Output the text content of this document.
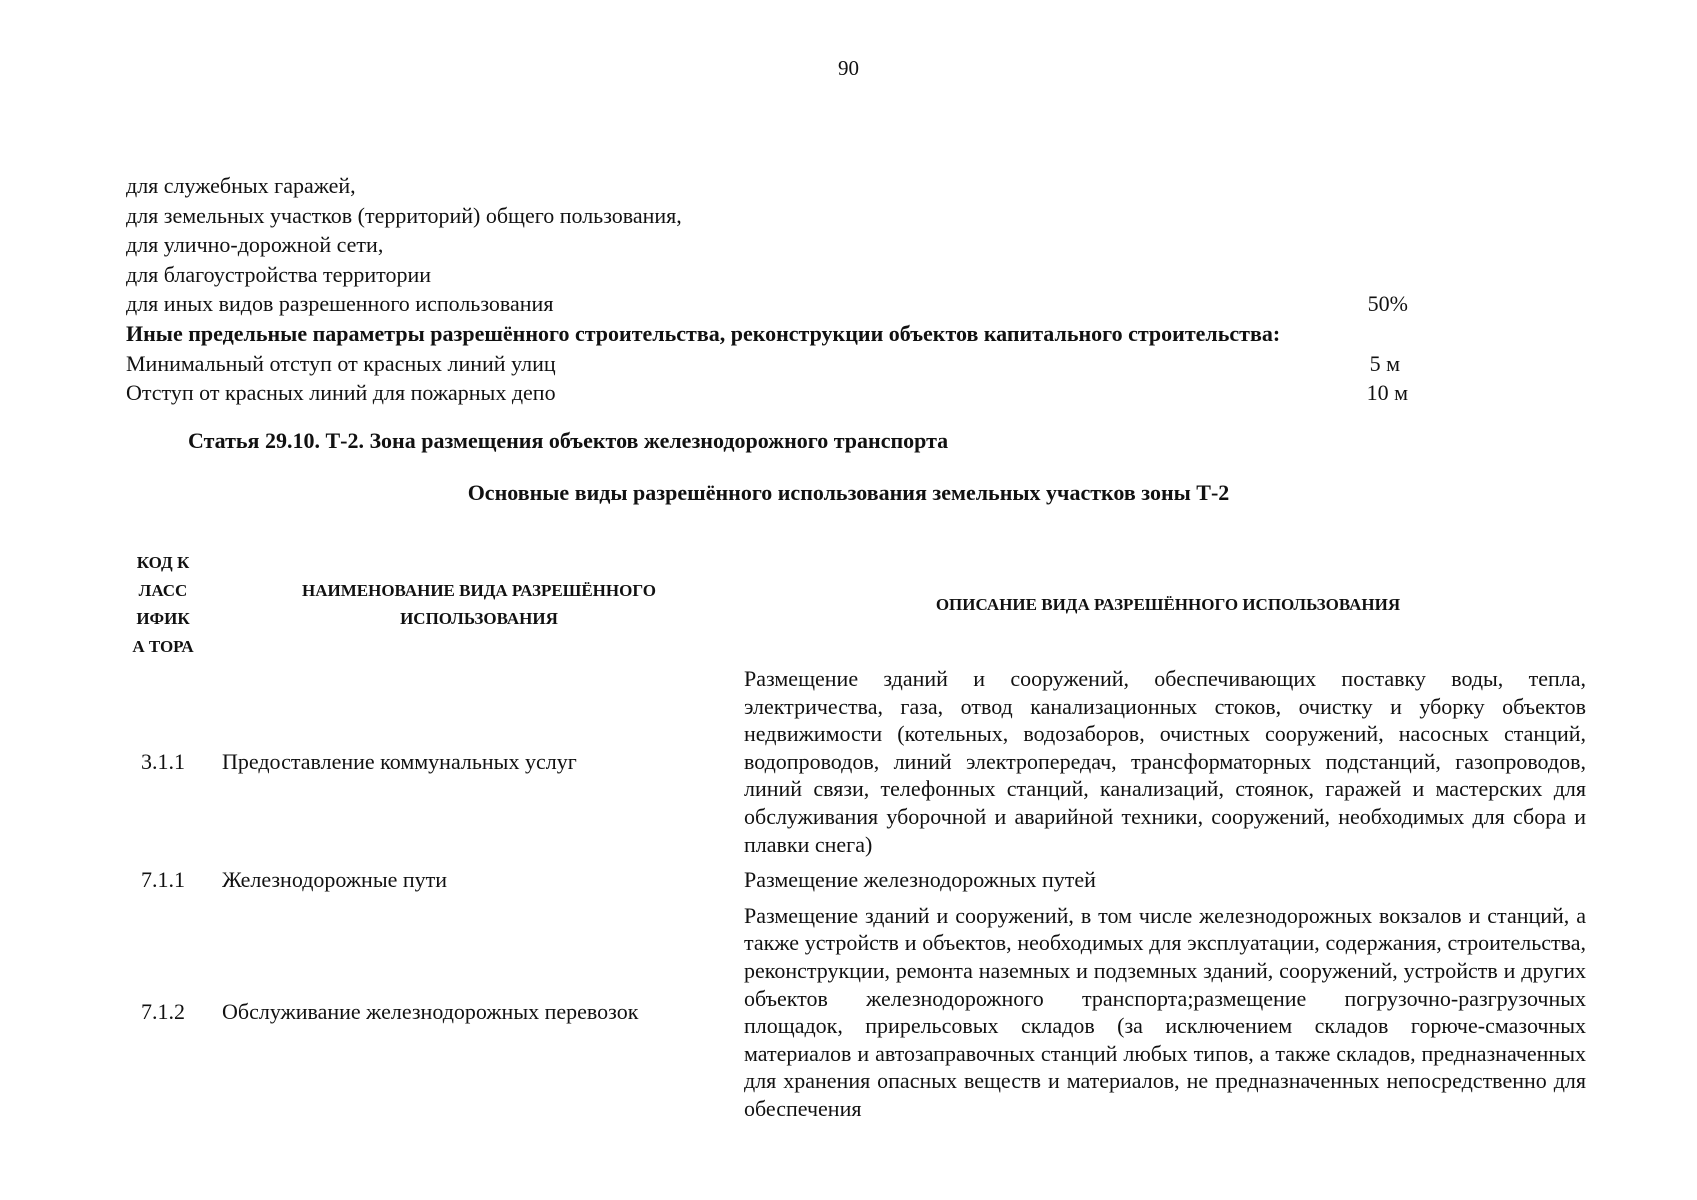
90
для служебных гаражей,
для земельных участков (территорий) общего пользования,
для улично-дорожной сети,
для благоустройства территории
для иных видов разрешенного использования	50%
Иные предельные параметры разрешённого строительства, реконструкции объектов капитального строительства:
Минимальный отступ от красных линий улиц	5 м
Отступ от красных линий для пожарных депо	10 м
Статья 29.10. Т-2. Зона размещения объектов железнодорожного транспорта
Основные виды разрешённого использования земельных участков зоны Т-2
КОД КЛАСС ИФИКА ТОРА	НАИМЕНОВАНИЕ ВИДА РАЗРЕШЁННОГО ИСПОЛЬЗОВАНИЯ	ОПИСАНИЕ ВИДА РАЗРЕШЁННОГО ИСПОЛЬЗОВАНИЯ
3.1.1	Предоставление коммунальных услуг	Размещение зданий и сооружений, обеспечивающих поставку воды, тепла, электричества, газа, отвод канализационных стоков, очистку и уборку объектов недвижимости (котельных, водозаборов, очистных сооружений, насосных станций, водопроводов, линий электропередач, трансформаторных подстанций, газопроводов, линий связи, телефонных станций, канализаций, стоянок, гаражей и мастерских для обслуживания уборочной и аварийной техники, сооружений, необходимых для сбора и плавки снега)
7.1.1	Железнодорожные пути	Размещение железнодорожных путей
7.1.2	Обслуживание железнодорожных перевозок	Размещение зданий и сооружений, в том числе железнодорожных вокзалов и станций, а также устройств и объектов, необходимых для эксплуатации, содержания, строительства, реконструкции, ремонта наземных и подземных зданий, сооружений, устройств и других объектов железнодорожного транспорта;размещение погрузочно-разгрузочных площадок, прирельсовых складов (за исключением складов горюче-смазочных материалов и автозаправочных станций любых типов, а также складов, предназначенных для хранения опасных веществ и материалов, не предназначенных непосредственно для обеспечения
